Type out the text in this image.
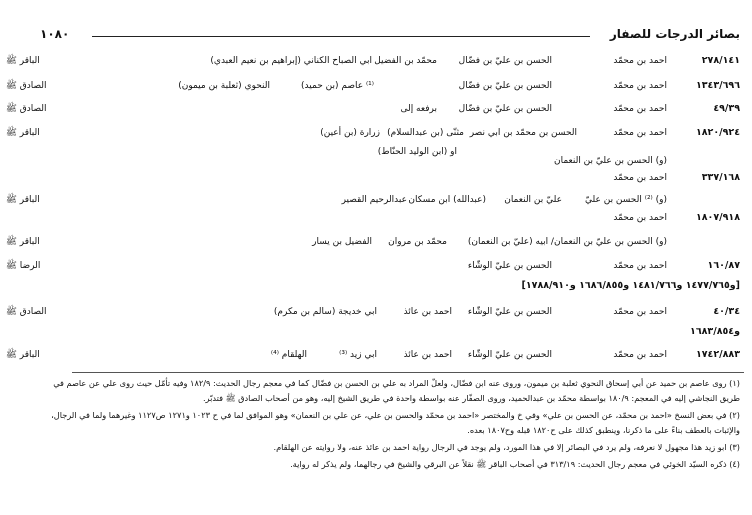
بصائر الدرجات للصفار
١٠٨٠
٢٧٨/١٤١
احمد بن محمّد
الحسن بن عليّ بن فضّال
محمّد بن الفضيل
ابي الصباح الكناني (إبراهيم بن نعيم العبدي)
الباقر ﷺ
١٣٤٣/٦٩٦
احمد بن محمّد
الحسن بن عليّ بن فضّال
⁽¹⁾ عاصم (بن حميد)
النحوي (ثعلبة بن ميمون)
الصادق ﷺ
٤٩/٣٩
احمد بن محمّد
الحسن بن عليّ بن فضّال
برفعه إلى
الصادق ﷺ
١٨٢٠/٩٢٤
احمد بن محمّد
الحسن بن محمّد بن ابي نصر
مثنّى (بن عبدالسلام)
زرارة (بن أعين)
الباقر ﷺ
او (ابن الوليد الحنّاط)
(و) الحسن بن عليّ بن النعمان
٣٣٧/١٦٨
احمد بن محمّد
(و) ⁽²⁾ الحسن بن عليّ
عليّ بن النعمان
(عبدالله) ابن مسكان
عبدالرحيم القصير
الباقر ﷺ
١٨٠٧/٩١٨
احمد بن محمّد
(و) الحسن بن عليّ بن النعمان/ ابيه (عليّ بن النعمان)
محمّد بن مروان
الفضيل بن يسار
الباقر ﷺ
١٦٠/٨٧
احمد بن محمّد
الحسن بن عليّ الوشّاء
الرضا ﷺ
[و١٤٧٧/٧٦٥ و١٤٨١/٧٦٦ و١٦٨٦/٨٥٥ و١٧٨٨/٩١٠]
٤٠/٣٤
احمد بن محمّد
الحسن بن عليّ الوشّاء
احمد بن عائذ
ابي خديجة (سالم بن مكرم)
الصادق ﷺ
و١٦٨٣/٨٥٤
١٧٤٢/٨٨٣
احمد بن محمّد
الحسن بن عليّ الوشّاء
احمد بن عائذ
ابي زيد ⁽³⁾
الهلقام ⁽⁴⁾
الباقر ﷺ
(١) روى عاصم بن حميد عن أبي إسحاق النحوي ثعلبة بن ميمون، وروى عنه ابن فضّال، ولعلّ المراد به علي بن الحسن بن فضّال كما في معجم رجال الحديث: ١٨٢/٩ وفيه تأمّل حيث روى علي عن عاصم في
طريق النجاشي إليه في المعجم: ١٨٠/٩ بواسطة محمّد بن عبدالحميد، وروى الصفّار عنه بواسطة واحدة في طريق الشيخ إليه، وهو من أصحاب الصادق ﷺ فتدبّر.
(٢) في بعض النسخ «احمد بن محمّد، عن الحسن بن علي» وفي خ والمختصر «احمد بن محمّد والحسن بن علي، عن علي بن النعمان» وهو الموافق لما في ح ١٠٢٣ و١٢٧١ ص١١٢٧ وغيرهما ولما في الرجال،
والإثبات بالعطف بناءً على ما ذكرنا، وينطبق كذلك على ح١٨٢٠ قبله وح١٨٠٧ بعده.
(٣) ابو زيد هذا مجهول لا نعرفه، ولم يرد في البصائر إلا في هذا المورد، ولم يوجد في الرجال رواية احمد بن عائذ عنه، ولا روايته عن الهلقام.
(٤) ذكره السيّد الخوئي في معجم رجال الحديث: ٣١٣/١٩ في أصحاب الباقر ﷺ نقلاً عن البرقي والشيخ في رجالهما، ولم يذكر له رواية.
